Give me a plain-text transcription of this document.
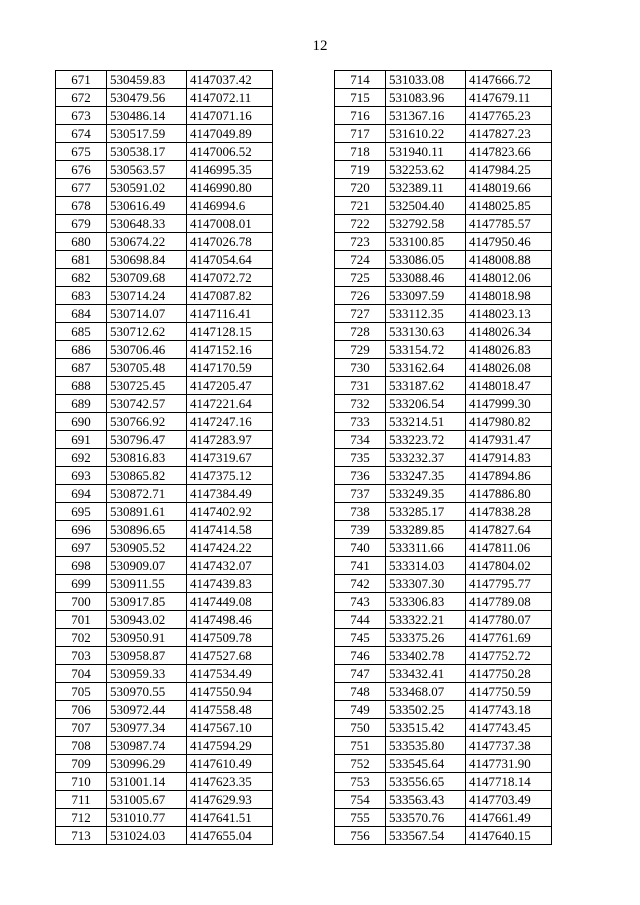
12
671	530459.83	4147037.42
672	530479.56	4147072.11
673	530486.14	4147071.16
674	530517.59	4147049.89
675	530538.17	4147006.52
676	530563.57	4146995.35
677	530591.02	4146990.80
678	530616.49	4146994.6
679	530648.33	4147008.01
680	530674.22	4147026.78
681	530698.84	4147054.64
682	530709.68	4147072.72
683	530714.24	4147087.82
684	530714.07	4147116.41
685	530712.62	4147128.15
686	530706.46	4147152.16
687	530705.48	4147170.59
688	530725.45	4147205.47
689	530742.57	4147221.64
690	530766.92	4147247.16
691	530796.47	4147283.97
692	530816.83	4147319.67
693	530865.82	4147375.12
694	530872.71	4147384.49
695	530891.61	4147402.92
696	530896.65	4147414.58
697	530905.52	4147424.22
698	530909.07	4147432.07
699	530911.55	4147439.83
700	530917.85	4147449.08
701	530943.02	4147498.46
702	530950.91	4147509.78
703	530958.87	4147527.68
704	530959.33	4147534.49
705	530970.55	4147550.94
706	530972.44	4147558.48
707	530977.34	4147567.10
708	530987.74	4147594.29
709	530996.29	4147610.49
710	531001.14	4147623.35
711	531005.67	4147629.93
712	531010.77	4147641.51
713	531024.03	4147655.04
714	531033.08	4147666.72
715	531083.96	4147679.11
716	531367.16	4147765.23
717	531610.22	4147827.23
718	531940.11	4147823.66
719	532253.62	4147984.25
720	532389.11	4148019.66
721	532504.40	4148025.85
722	532792.58	4147785.57
723	533100.85	4147950.46
724	533086.05	4148008.88
725	533088.46	4148012.06
726	533097.59	4148018.98
727	533112.35	4148023.13
728	533130.63	4148026.34
729	533154.72	4148026.83
730	533162.64	4148026.08
731	533187.62	4148018.47
732	533206.54	4147999.30
733	533214.51	4147980.82
734	533223.72	4147931.47
735	533232.37	4147914.83
736	533247.35	4147894.86
737	533249.35	4147886.80
738	533285.17	4147838.28
739	533289.85	4147827.64
740	533311.66	4147811.06
741	533314.03	4147804.02
742	533307.30	4147795.77
743	533306.83	4147789.08
744	533322.21	4147780.07
745	533375.26	4147761.69
746	533402.78	4147752.72
747	533432.41	4147750.28
748	533468.07	4147750.59
749	533502.25	4147743.18
750	533515.42	4147743.45
751	533535.80	4147737.38
752	533545.64	4147731.90
753	533556.65	4147718.14
754	533563.43	4147703.49
755	533570.76	4147661.49
756	533567.54	4147640.15
